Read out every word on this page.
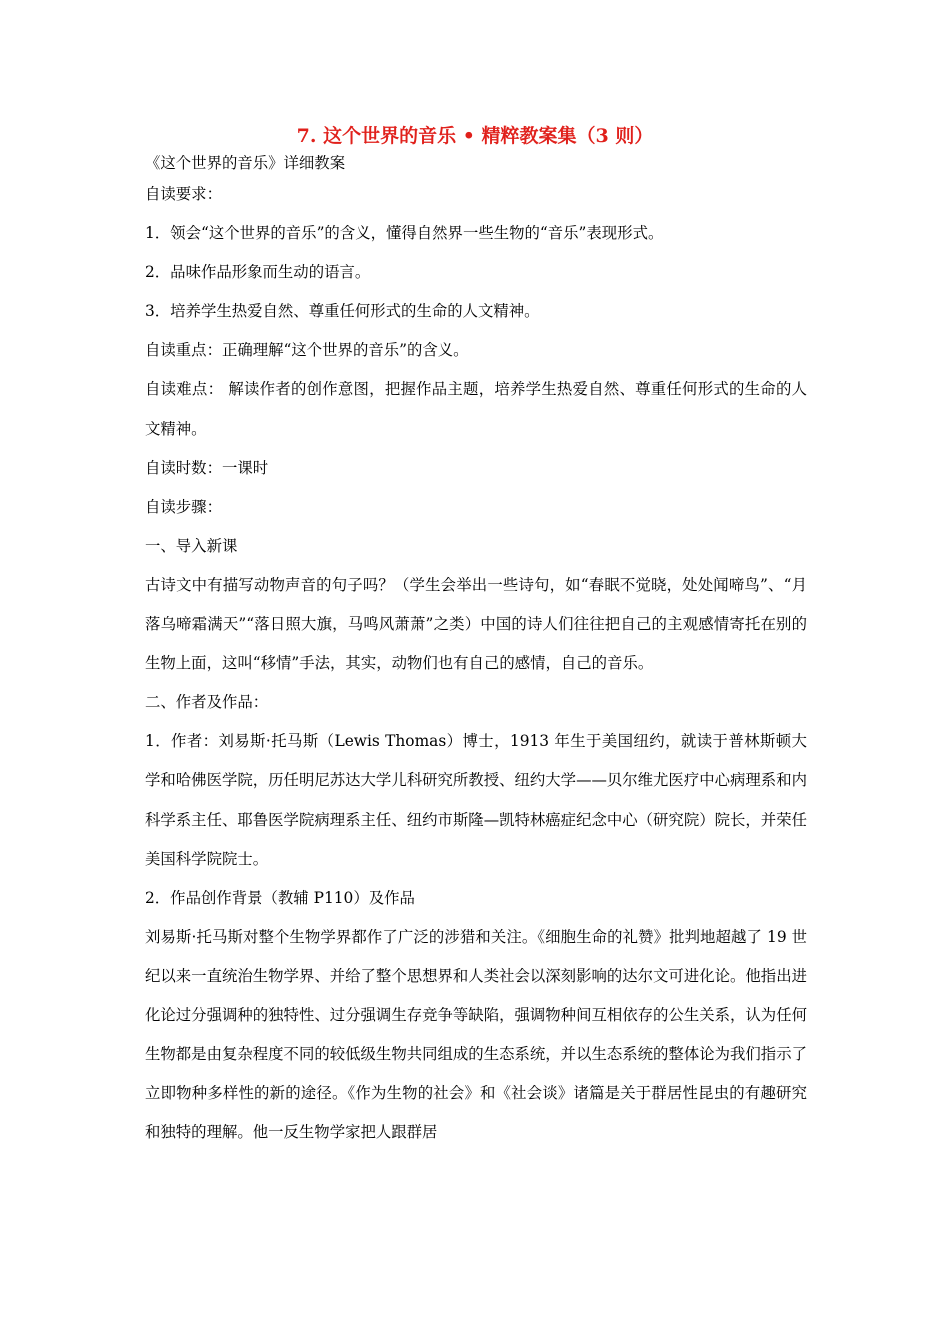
7. 这个世界的音乐 • 精粹教案集（3 则）

《这个世界的音乐》详细教案

自读要求：

1．领会“这个世界的音乐”的含义，懂得自然界一些生物的“音乐”表现形式。

2．品味作品形象而生动的语言。

3．培养学生热爱自然、尊重任何形式的生命的人文精神。

自读重点：正确理解“这个世界的音乐”的含义。

自读难点： 解读作者的创作意图，把握作品主题，培养学生热爱自然、尊重任何形式的生命的人文精神。

自读时数：一课时

自读步骤：

一、导入新课

古诗文中有描写动物声音的句子吗？（学生会举出一些诗句，如“春眠不觉晓，处处闻啼鸟”、“月落乌啼霜满天”“落日照大旗，马鸣风萧萧”之类）中国的诗人们往往把自己的主观感情寄托在别的生物上面，这叫“移情”手法，其实，动物们也有自己的感情，自己的音乐。

二、作者及作品：

1．作者：刘易斯·托马斯（Lewis Thomas）博士，1913 年生于美国纽约，就读于普林斯顿大学和哈佛医学院，历任明尼苏达大学儿科研究所教授、纽约大学——贝尔维尤医疗中心病理系和内科学系主任、耶鲁医学院病理系主任、纽约市斯隆—凯特林癌症纪念中心（研究院）院长，并荣任美国科学院院士。

2．作品创作背景（教辅 P110）及作品

刘易斯·托马斯对整个生物学界都作了广泛的涉猎和关注。《细胞生命的礼赞》批判地超越了 19 世纪以来一直统治生物学界、并给了整个思想界和人类社会以深刻影响的达尔文可进化论。他指出进化论过分强调种的独特性、过分强调生存竞争等缺陷，强调物种间互相依存的公生关系，认为任何生物都是由复杂程度不同的较低级生物共同组成的生态系统，并以生态系统的整体论为我们指示了立即物种多样性的新的途径。《作为生物的社会》和《社会谈》诸篇是关于群居性昆虫的有趣研究和独特的理解。他一反生物学家把人跟群居
